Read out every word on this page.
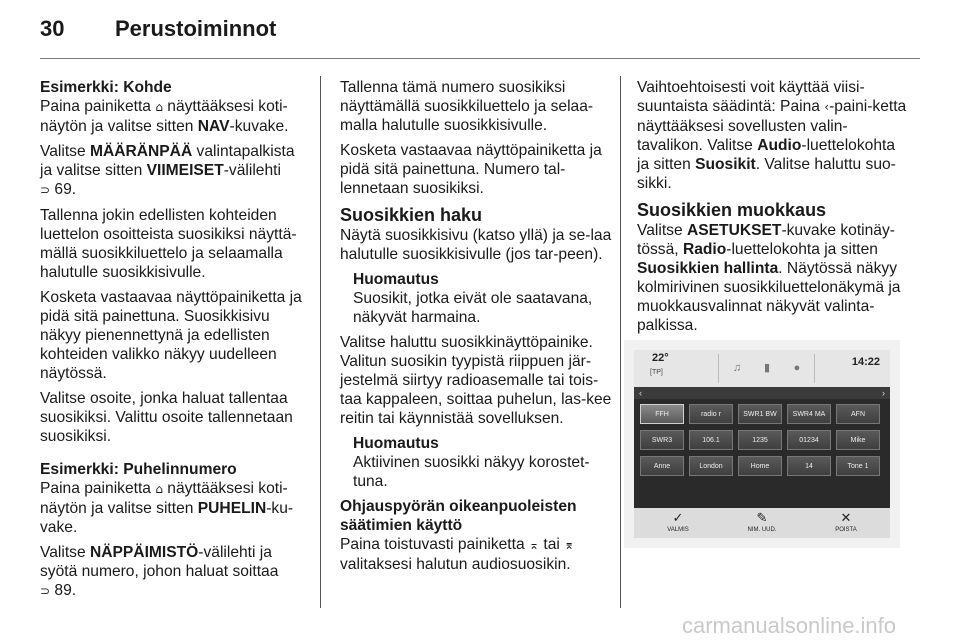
30 Perustoiminnot
Esimerkki: Kohde

Paina painiketta ⌂ näyttääksesi koti-näytön ja valitse sitten NAV-kuvake.

Valitse MÄÄRÄNPÄÄ valintapalkista ja valitse sitten VIIMEISET-välilehti
⊃ 69.

Tallenna jokin edellisten kohteiden luettelon osoitteista suosikiksi näyttä-mällä suosikkiluettelo ja selaamalla halutulle suosikkisivulle.

Kosketa vastaavaa näyttöpainiketta ja pidä sitä painettuna. Suosikkisivu näkyy pienennettynä ja edellisten kohteiden valikko näkyy uudelleen näytössä.

Valitse osoite, jonka haluat tallentaa suosikiksi. Valittu osoite tallennetaan suosikiksi.

Esimerkki: Puhelinnumero

Paina painiketta ⌂ näyttääksesi koti-näytön ja valitse sitten PUHELIN-ku-vake.

Valitse NÄPPÄIMISTÖ-välilehti ja syötä numero, johon haluat soittaa
⊃ 89.

Tallenna tämä numero suosikiksi näyttämällä suosikkiluettelo ja selaa-malla halutulle suosikkisivulle.

Kosketa vastaavaa näyttöpainiketta ja pidä sitä painettuna. Numero tal-lennetaan suosikiksi.

Suosikkien haku

Näytä suosikkisivu (katso yllä) ja se-laa halutulle suosikkisivulle (jos tar-peen).

Huomautus
Suosikit, jotka eivät ole saatavana, näkyvät harmaina.

Valitse haluttu suosikkinäyttöpainike. Valitun suosikin tyypistä riippuen jär-jestelmä siirtyy radioasemalle tai tois-taa kappaleen, soittaa puhelun, las-kee reitin tai käynnistää sovelluksen.

Huomautus
Aktiivinen suosikki näkyy korostet-tuna.
Ohjauspyörän oikeanpuoleisten säätimien käyttö

Paina toistuvasti painiketta ⌅ tai ⌆ valitaksesi halutun audiosuosikin.

Vaihtoehtoisesti voit käyttää viisi-suuntaista säädintä: Paina ‹-paini-ketta näyttääksesi sovellusten valin-tavalikon. Valitse Audio-luettelokohta ja sitten Suosikit. Valitse haluttu suo-sikki.

Suosikkien muokkaus

Valitse ASETUKSET-kuvake kotinäy-tössä, Radio-luettelokohta ja sitten Suosikkien hallinta. Näytössä näkyy kolmirivinen suosikkiluettelonäkymä ja muokkausvalinnat näkyvät valinta-palkissa.

22°
[TP]	♫	▮	●	14:22
‹	›
FFH	radio r	SWR1 BW	SWR4 MA	AFN
SWR3	106.1	1235	01234	Mike
Anne	London	Home	14	Tone 1
✓
VALMIS
✎
NIM. UUD.
✕
POISTA
carmanualsonline.info
